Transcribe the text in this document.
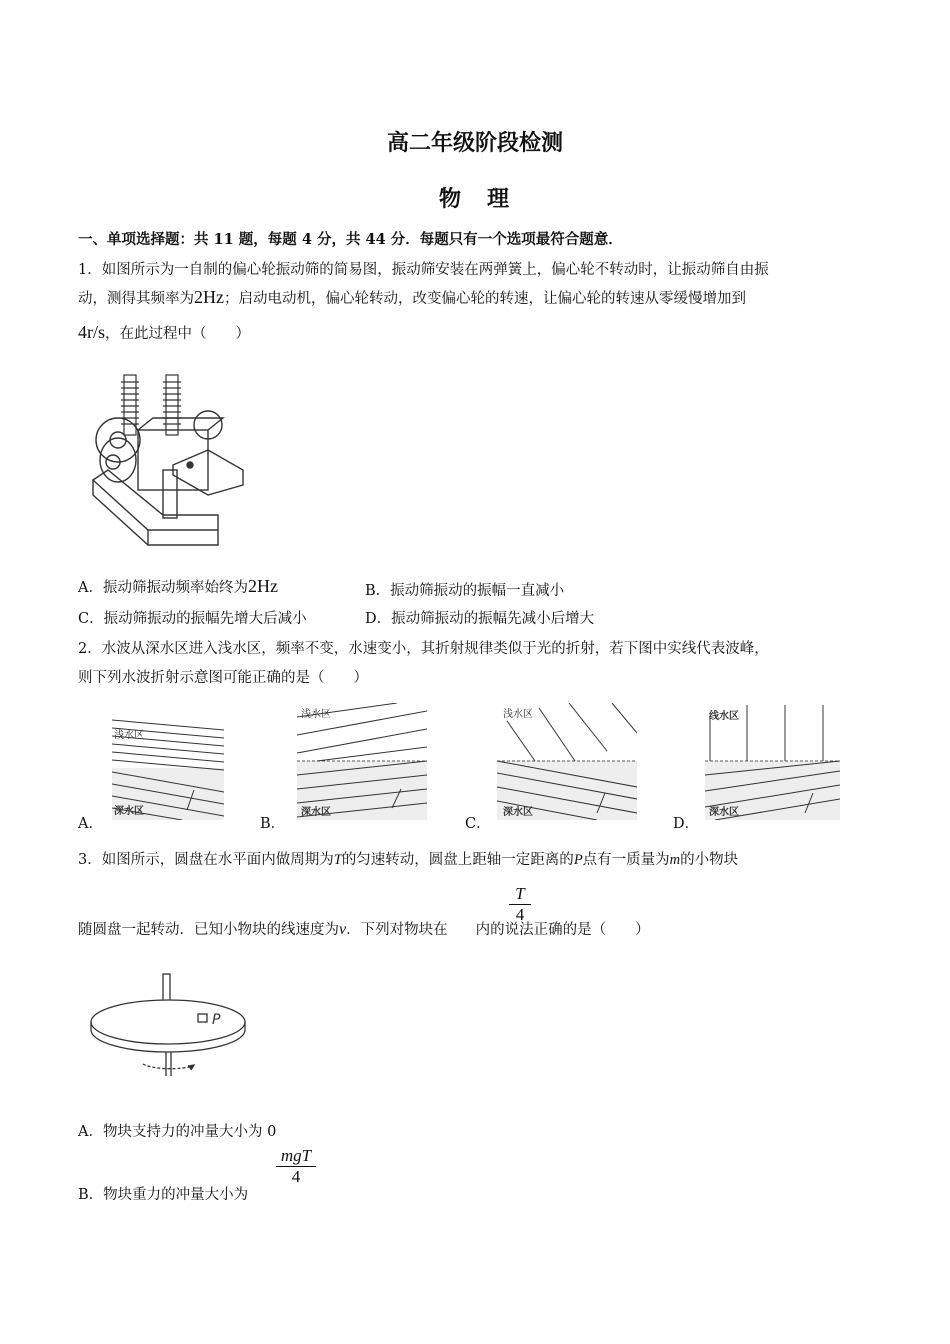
高二年级阶段检测
物　理
一、单项选择题：共 11 题，每题 4 分，共 44 分．每题只有一个选项最符合题意．
1．如图所示为一自制的偏心轮振动筛的简易图，振动筛安装在两弹簧上，偏心轮不转动时，让振动筛自由振
动，测得其频率为2Hz；启动电动机，偏心轮转动，改变偏心轮的转速，让偏心轮的转速从零缓慢增加到
4r/s，在此过程中（　　）
A．振动筛振动频率始终为2Hz	B．振动筛振动的振幅一直减小
C．振动筛振动的振幅先增大后减小	D．振动筛振动的振幅先减小后增大
2．水波从深水区进入浅水区，频率不变，水速变小，其折射规律类似于光的折射，若下图中实线代表波峰，
则下列水波折射示意图可能正确的是（　　）
A．	B．	C．	D．
浅水区
深水区
浅水区
深水区
浅水区
深水区
线水区
深水区
3．如图所示，圆盘在水平面内做周期为T的匀速转动，圆盘上距轴一定距离的P点有一质量为m的小物块
T
4
随圆盘一起转动．已知小物块的线速度为v．下列对物块在 内的说法正确的是（　　）
P
A．物块支持力的冲量大小为 0
B．物块重力的冲量大小为
mgT
4
